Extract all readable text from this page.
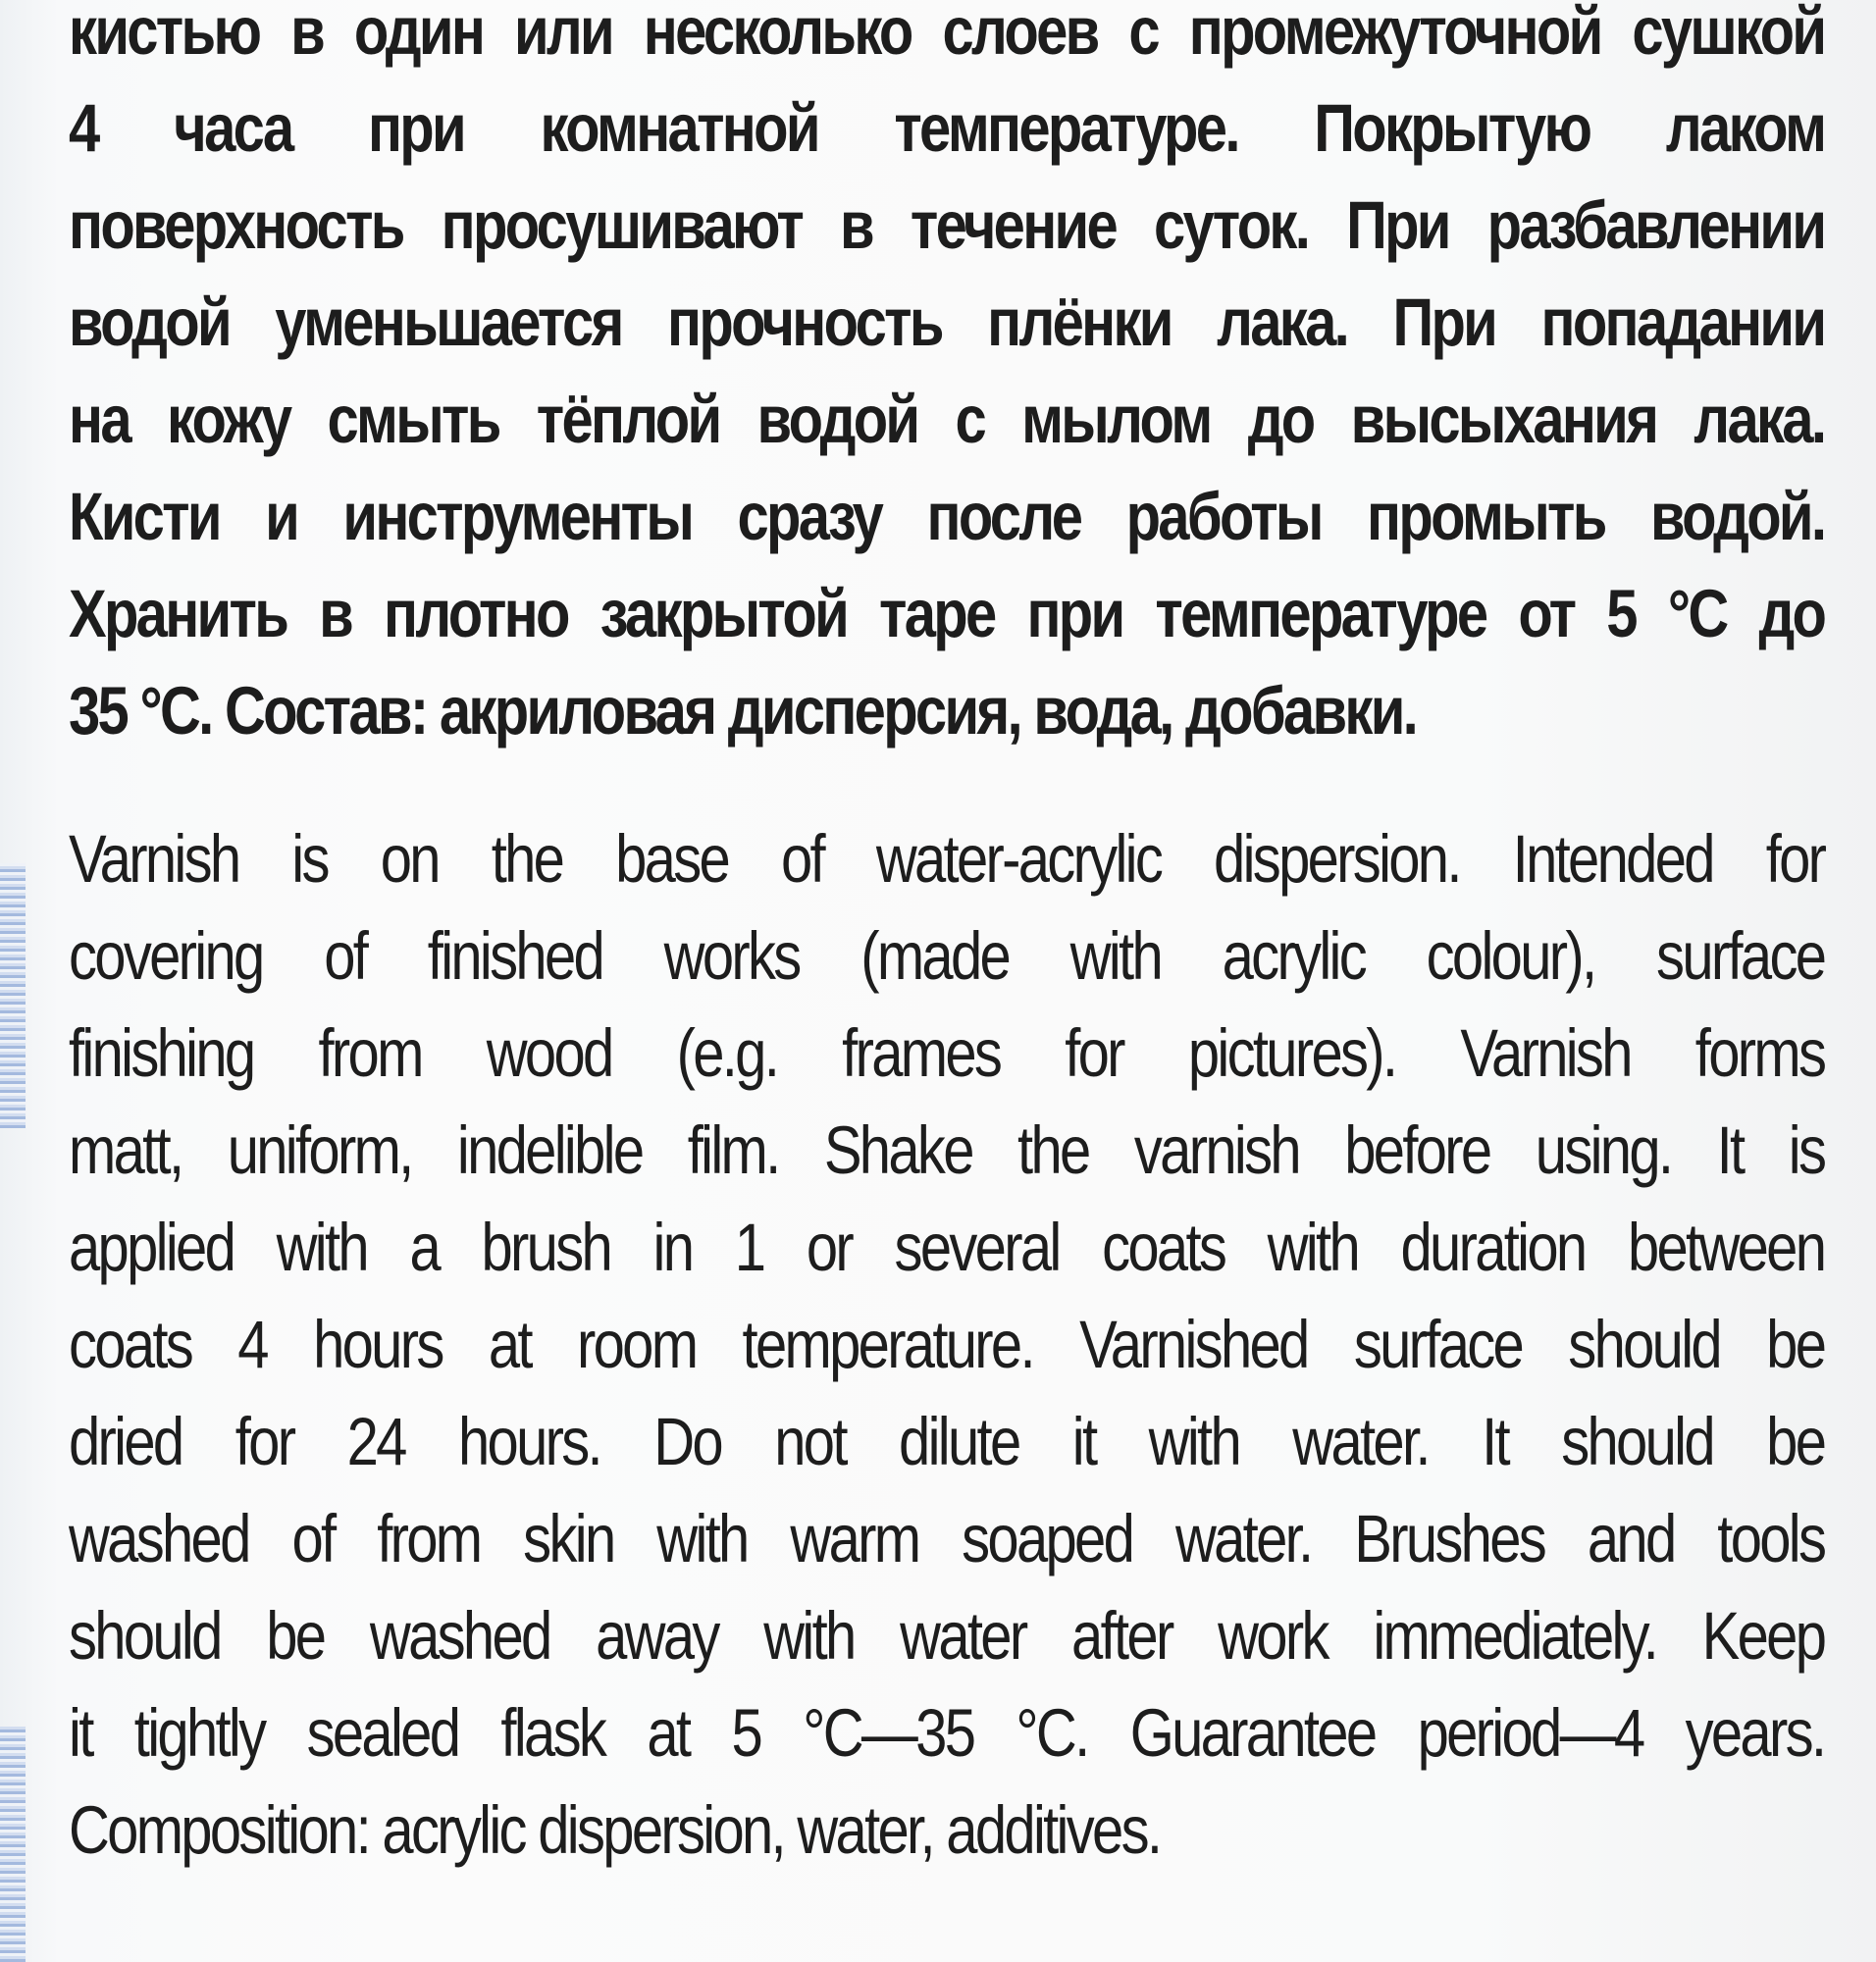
кистью в один или несколько слоев с промежуточной сушкой
4 часа при комнатной температуре. Покрытую лаком
поверхность просушивают в течение суток. При разбавлении
водой уменьшается прочность плёнки лака. При попадании
на кожу смыть тёплой водой с мылом до высыхания лака.
Кисти и инструменты сразу после работы промыть водой.
Хранить в плотно закрытой таре при температуре от 5 °С до
35 °С. Состав: акриловая дисперсия, вода, добавки.
Varnish is on the base of water-acrylic dispersion. Intended for
covering of finished works (made with acrylic colour), surface
finishing from wood (e.g. frames for pictures). Varnish forms
matt, uniform, indelible film. Shake the varnish before using. It is
applied with a brush in 1 or several coats with duration between
coats 4 hours at room temperature. Varnished surface should be
dried for 24 hours. Do not dilute it with water. It should be
washed of from skin with warm soaped water. Brushes and tools
should be washed away with water after work immediately. Keep
it tightly sealed flask at 5 °С—35 °С. Guarantee period—4 years.
Composition: acrylic dispersion, water, additives.
